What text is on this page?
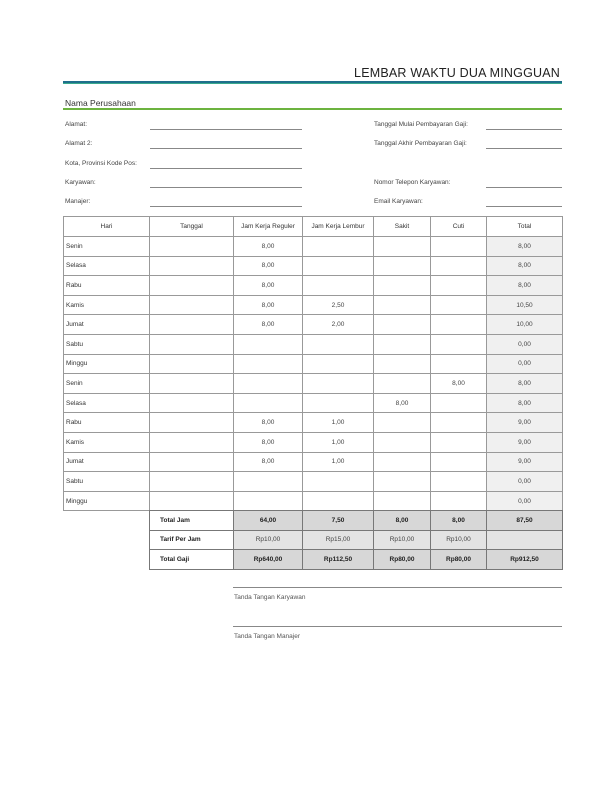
LEMBAR WAKTU DUA MINGGUAN
Nama Perusahaan
Alamat:
Alamat 2:
Kota, Provinsi Kode Pos:
Karyawan:
Manajer:
Tanggal Mulai Pembayaran Gaji:
Tanggal Akhir Pembayaran Gaji:
Nomor Telepon Karyawan:
Email Karyawan:
Hari	Tanggal	Jam Kerja Reguler	Jam Kerja Lembur	Sakit	Cuti	Total
Senin		8,00				8,00
Selasa		8,00				8,00
Rabu		8,00				8,00
Kamis		8,00	2,50			10,50
Jumat		8,00	2,00			10,00
Sabtu						0,00
Minggu						0,00
Senin					8,00	8,00
Selasa				8,00		8,00
Rabu		8,00	1,00			9,00
Kamis		8,00	1,00			9,00
Jumat		8,00	1,00			9,00
Sabtu						0,00
Minggu						0,00
Total Jam	64,00	7,50	8,00	8,00	87,50
Tarif Per Jam	Rp10,00	Rp15,00	Rp10,00	Rp10,00	
Total Gaji	Rp640,00	Rp112,50	Rp80,00	Rp80,00	Rp912,50
Tanda Tangan Karyawan
Tanda Tangan Manajer
